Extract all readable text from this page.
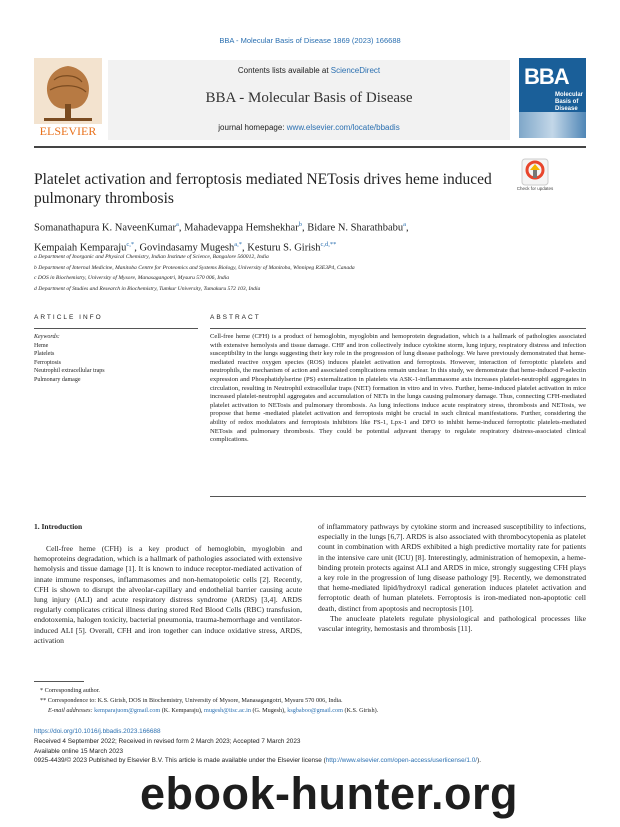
BBA - Molecular Basis of Disease 1869 (2023) 166688
ELSEVIER
Contents lists available at ScienceDirect
BBA - Molecular Basis of Disease
journal homepage: www.elsevier.com/locate/bbadis
BBA
Molecular Basis of Disease
Platelet activation and ferroptosis mediated NETosis drives heme induced pulmonary thrombosis
Check for updates
Somanathapura K. NaveenKumar$^a$, Mahadevappa Hemshekhar$^b$, Bidare N. Sharathbabu$^a$,
Kempaiah Kemparaju$^{c,*}$, Govindasamy Mugesh$^{a,*}$, Kesturu S. Girish$^{c,d,**}$
a Department of Inorganic and Physical Chemistry, Indian Institute of Science, Bangalore 560012, India
b Department of Internal Medicine, Manitoba Centre for Proteomics and Systems Biology, University of Manitoba, Winnipeg R3E3P4, Canada
c DOS in Biochemistry, University of Mysore, Manasagangotri, Mysuru 570 006, India
d Department of Studies and Research in Biochemistry, Tumkur University, Tumakuru 572 103, India
ARTICLE INFO	ABSTRACT
Keywords:
Heme
Platelets
Ferroptosis
Neutrophil extracellular traps
Pulmonary damage
Cell-free heme (CFH) is a product of hemoglobin, myoglobin and hemoprotein degradation, which is a hallmark of pathologies associated with extensive hemolysis and tissue damage. CHF and iron collectively induce cytokine storm, lung injury, respiratory distress and infection susceptibility in the lungs suggesting their key role in the progression of lung disease pathology. We have previously demonstrated that heme-mediated reactive oxygen species (ROS) induces platelet activation and ferroptosis. However, interaction of ferroptotic platelets and neutrophils, the mechanism of action and associated complications remain unclear. In this study, we demonstrate that heme-induced P-selectin expression and Phosphatidylserine (PS) externalization in platelets via ASK-1-inflammasome axis increases platelet-neutrophil aggregates in circulation, resulting in Neutrophil extracellular traps (NET) formation in vitro and in vivo. Further, heme-induced platelet activation in mice increased platelet-neutrophil aggregates and accumulation of NETs in the lungs causing pulmonary damage. Thus, connecting CFH-mediated platelet activation to NETosis and pulmonary thrombosis. As lung infections induce acute respiratory stress, thrombosis and NETosis, we propose that heme -mediated platelet activation and ferroptosis might be crucial in such clinical manifestations. Further, considering the ability of redox modulators and ferroptosis inhibitors like FS-1, Lpx-1 and DFO to inhibit heme-induced ferroptotic platelets-mediated NETosis and pulmonary thrombosis. They could be potential adjuvant therapy to regulate respiratory distress-associated clinical complications.
1. Introduction

Cell-free heme (CFH) is a key product of hemoglobin, myoglobin and hemoproteins degradation, which is a hallmark of pathologies associated with extensive hemolysis and tissue damage [1]. It is known to induce receptor-mediated activation of innate immune responses, inflammasomes and non-hematopoietic cells [2]. Recently, CFH is shown to disrupt the alveolar-capillary and endothelial barrier causing acute lung injury (ALI) and acute respiratory distress syndrome (ARDS) [3,4]. ARDS regularly complicates critical illness during stored Red Blood Cells (RBC) transfusion, endotoxemia, halogen toxicity, bacterial pneumonia, trauma-hemorrhage and ventilator-induced ALI [5]. Overall, CFH and iron together can induce oxidative stress, ARDS, activation

of inflammatory pathways by cytokine storm and increased susceptibility to infections, especially in the lungs [6,7]. ARDS is also associated with thrombocytopenia as platelet count in combination with ARDS exhibited a high predictive mortality rate for patients in the intensive care unit (ICU) [8]. Interestingly, administration of hemopexin, a heme-binding protein protects against ALI and ARDS in mice, strongly suggesting CFH plays a key role in the progression of lung disease pathology [9]. Recently, we demonstrated that heme-mediated lipid/hydroxyl radical generation induces platelet activation and ferroptotic death of human platelets. Ferroptosis is iron-mediated non-apoptotic cell death, distinct from apoptosis and necroptosis [10].

The anucleate platelets regulate physiological and pathological processes like vascular integrity, hemostasis and thrombosis [11].

* Corresponding author.
** Correspondence to: K.S. Girish, DOS in Biochemistry, University of Mysore, Manasagangotri, Mysuru 570 006, India.
E-mail addresses: kemparajuom@gmail.com (K. Kemparaju), mugesh@iisc.ac.in (G. Mugesh), ksgbaboo@gmail.com (K.S. Girish).
https://doi.org/10.1016/j.bbadis.2023.166688
Received 4 September 2022; Received in revised form 2 March 2023; Accepted 7 March 2023
Available online 15 March 2023
0925-4439/© 2023 Published by Elsevier B.V. This article is made available under the Elsevier license (http://www.elsevier.com/open-access/userlicense/1.0/).
ebook-hunter.org
